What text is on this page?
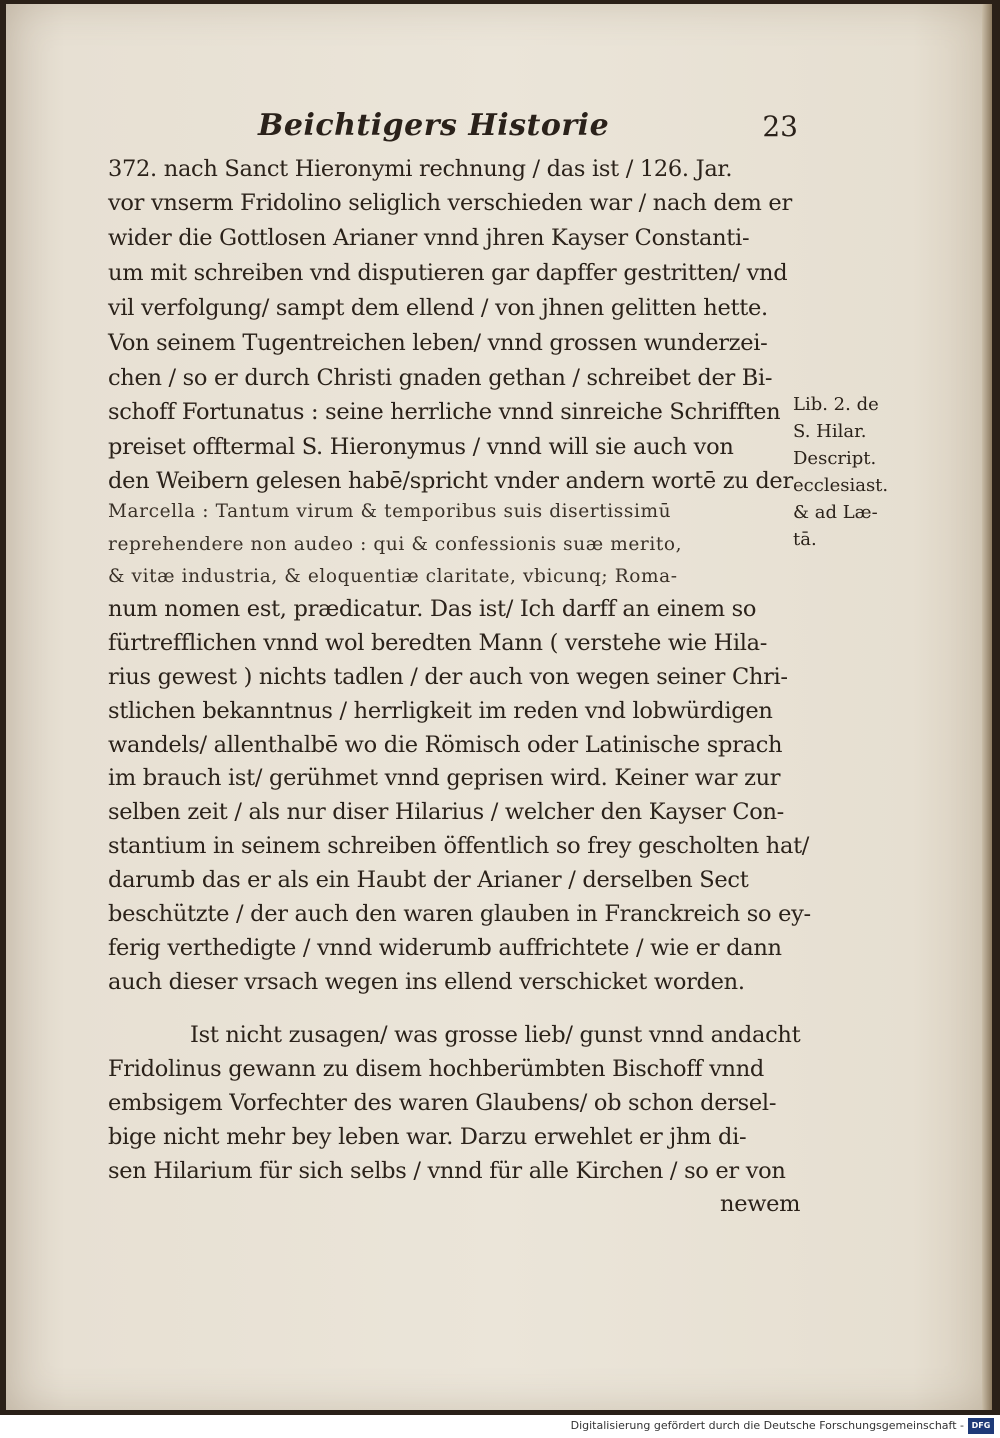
Beichtigers Historie	23
372. nach Sanct Hieronymi rechnung / das ist / 126. Jar.
vor vnserm Fridolino seliglich verschieden war / nach dem er
wider die Gottlosen Arianer vnnd jhren Kayser Constanti-
um mit schreiben vnd disputieren gar dapffer gestritten/ vnd
vil verfolgung/ sampt dem ellend / von jhnen gelitten hette.
Von seinem Tugentreichen leben/ vnnd grossen wunderzei-
chen / so er durch Christi gnaden gethan / schreibet der Bi-
schoff Fortunatus : seine herrliche vnnd sinreiche Schrifften
preiset offtermal S. Hieronymus / vnnd will sie auch von
den Weibern gelesen habē/spricht vnder andern wortē zu der
Marcella : Tantum virum & temporibus suis disertissimū
reprehendere non audeo : qui & confessionis suæ merito,
& vitæ industria, & eloquentiæ claritate, vbicunq; Roma-
num nomen est, prædicatur. Das ist/ Ich darff an einem so
fürtrefflichen vnnd wol beredten Mann ( verstehe wie Hila-
rius gewest ) nichts tadlen / der auch von wegen seiner Chri-
stlichen bekanntnus / herrligkeit im reden vnd lobwürdigen
wandels/ allenthalbē wo die Römisch oder Latinische sprach
im brauch ist/ gerühmet vnnd geprisen wird. Keiner war zur
selben zeit / als nur diser Hilarius / welcher den Kayser Con-
stantium in seinem schreiben öffentlich so frey gescholten hat/
darumb das er als ein Haubt der Arianer / derselben Sect
beschützte / der auch den waren glauben in Franckreich so ey-
ferig verthedigte / vnnd widerumb auffrichtete / wie er dann
auch dieser vrsach wegen ins ellend verschicket worden.
Ist nicht zusagen/ was grosse lieb/ gunst vnnd andacht
Fridolinus gewann zu disem hochberümbten Bischoff vnnd
embsigem Vorfechter des waren Glaubens/ ob schon dersel-
bige nicht mehr bey leben war. Darzu erwehlet er jhm di-
sen Hilarium für sich selbs / vnnd für alle Kirchen / so er von
newem
Lib. 2. de
S. Hilar.
Descript.
ecclesiast.
& ad Læ-
tā.
Digitalisierung gefördert durch die Deutsche Forschungsgemeinschaft - DFG
